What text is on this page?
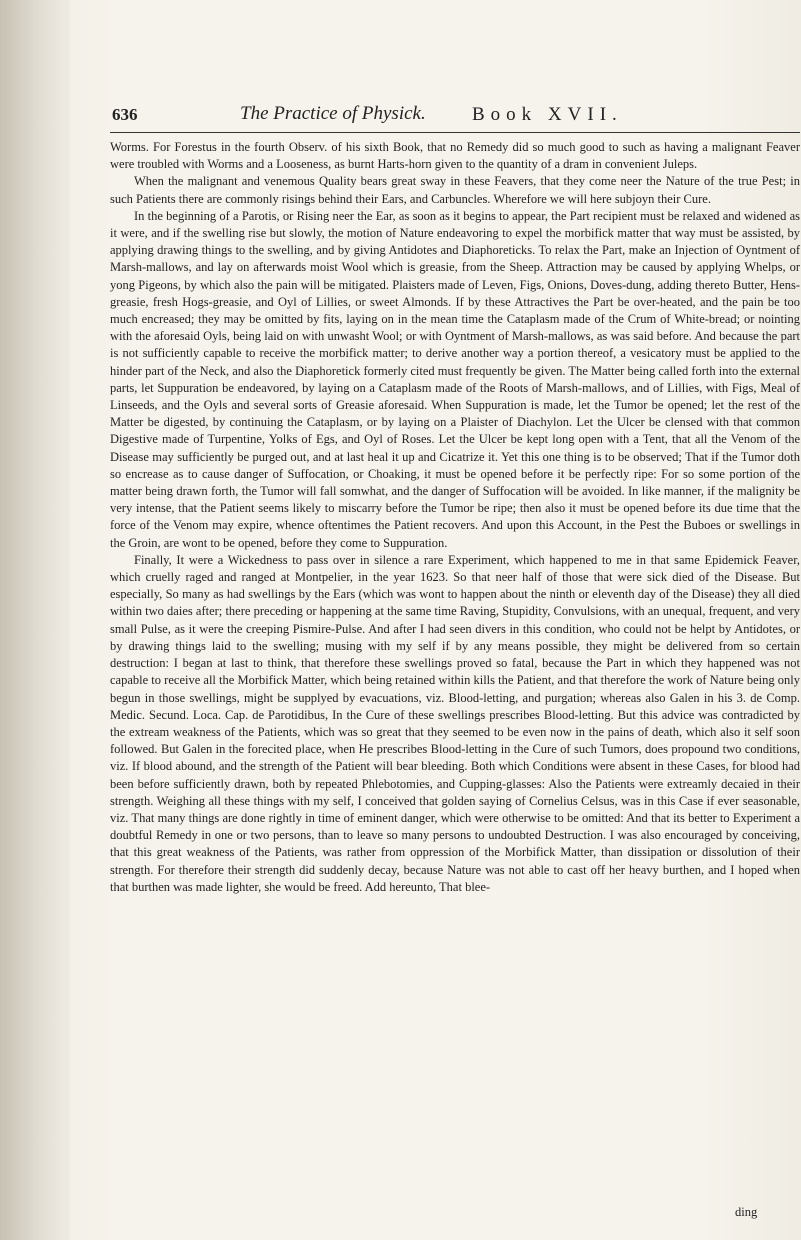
636	The Practice of Physick. Book XVII.

Worms. For Forestus in the fourth Observ. of his sixth Book, that no Remedy did so much good to such as having a malignant Feaver were troubled with Worms and a Looseness, as burnt Harts-horn given to the quantity of a dram in convenient Juleps.

When the malignant and venemous Quality bears great sway in these Feavers, that they come neer the Nature of the true Pest; in such Patients there are commonly risings behind their Ears, and Carbuncles. Wherefore we will here subjoyn their Cure.

In the beginning of a Parotis, or Rising neer the Ear, as soon as it begins to appear, the Part recipient must be relaxed and widened as it were, and if the swelling rise but slowly, the motion of Nature endeavoring to expel the morbifick matter that way must be assisted, by applying drawing things to the swelling, and by giving Antidotes and Diaphoreticks. To relax the Part, make an Injection of Oyntment of Marsh-mallows, and lay on afterwards moist Wool which is greasie, from the Sheep. Attraction may be caused by applying Whelps, or yong Pigeons, by which also the pain will be mitigated. Plaisters made of Leven, Figs, Onions, Doves-dung, adding thereto Butter, Hens-greasie, fresh Hogs-greasie, and Oyl of Lillies, or sweet Almonds. If by these Attractives the Part be over-heated, and the pain be too much encreased; they may be omitted by fits, laying on in the mean time the Cataplasm made of the Crum of White-bread; or nointing with the aforesaid Oyls, being laid on with unwasht Wool; or with Oyntment of Marsh-mallows, as was said before. And because the part is not sufficiently capable to receive the morbifick matter; to derive another way a portion thereof, a vesicatory must be applied to the hinder part of the Neck, and also the Diaphoretick formerly cited must frequently be given. The Matter being called forth into the external parts, let Suppuration be endeavored, by laying on a Cataplasm made of the Roots of Marsh-mallows, and of Lillies, with Figs, Meal of Linseeds, and the Oyls and several sorts of Greasie aforesaid. When Suppuration is made, let the Tumor be opened; let the rest of the Matter be digested, by continuing the Cataplasm, or by laying on a Plaister of Diachylon. Let the Ulcer be clensed with that common Digestive made of Turpentine, Yolks of Egs, and Oyl of Roses. Let the Ulcer be kept long open with a Tent, that all the Venom of the Disease may sufficiently be purged out, and at last heal it up and Cicatrize it. Yet this one thing is to be observed; That if the Tumor doth so encrease as to cause danger of Suffocation, or Choaking, it must be opened before it be perfectly ripe: For so some portion of the matter being drawn forth, the Tumor will fall somwhat, and the danger of Suffocation will be avoided. In like manner, if the malignity be very intense, that the Patient seems likely to miscarry before the Tumor be ripe; then also it must be opened before its due time that the force of the Venom may expire, whence oftentimes the Patient recovers. And upon this Account, in the Pest the Buboes or swellings in the Groin, are wont to be opened, before they come to Suppuration.

Finally, It were a Wickedness to pass over in silence a rare Experiment, which happened to me in that same Epidemick Feaver, which cruelly raged and ranged at Montpelier, in the year 1623. So that neer half of those that were sick died of the Disease. But especially, So many as had swellings by the Ears (which was wont to happen about the ninth or eleventh day of the Disease) they all died within two daies after; there preceding or happening at the same time Raving, Stupidity, Convulsions, with an unequal, frequent, and very small Pulse, as it were the creeping Pismire-Pulse. And after I had seen divers in this condition, who could not be helpt by Antidotes, or by drawing things laid to the swelling; musing with my self if by any means possible, they might be delivered from so certain destruction: I began at last to think, that therefore these swellings proved so fatal, because the Part in which they happened was not capable to receive all the Morbifick Matter, which being retained within kills the Patient, and that therefore the work of Nature being only begun in those swellings, might be supplyed by evacuations, viz. Blood-letting, and purgation; whereas also Galen in his 3. de Comp. Medic. Secund. Loca. Cap. de Parotidibus, In the Cure of these swellings prescribes Blood-letting. But this advice was contradicted by the extream weakness of the Patients, which was so great that they seemed to be even now in the pains of death, which also it self soon followed. But Galen in the forecited place, when He prescribes Blood-letting in the Cure of such Tumors, does propound two conditions, viz. If blood abound, and the strength of the Patient will bear bleeding. Both which Conditions were absent in these Cases, for blood had been before sufficiently drawn, both by repeated Phlebotomies, and Cupping-glasses: Also the Patients were extreamly decaied in their strength. Weighing all these things with my self, I conceived that golden saying of Cornelius Celsus, was in this Case if ever seasonable, viz. That many things are done rightly in time of eminent danger, which were otherwise to be omitted: And that its better to Experiment a doubtful Remedy in one or two persons, than to leave so many persons to undoubted Destruction. I was also encouraged by conceiving, that this great weakness of the Patients, was rather from oppression of the Morbifick Matter, than dissipation or dissolution of their strength. For therefore their strength did suddenly decay, because Nature was not able to cast off her heavy burthen, and I hoped when that burthen was made lighter, she would be freed. Add hereunto, That blee-

ding
